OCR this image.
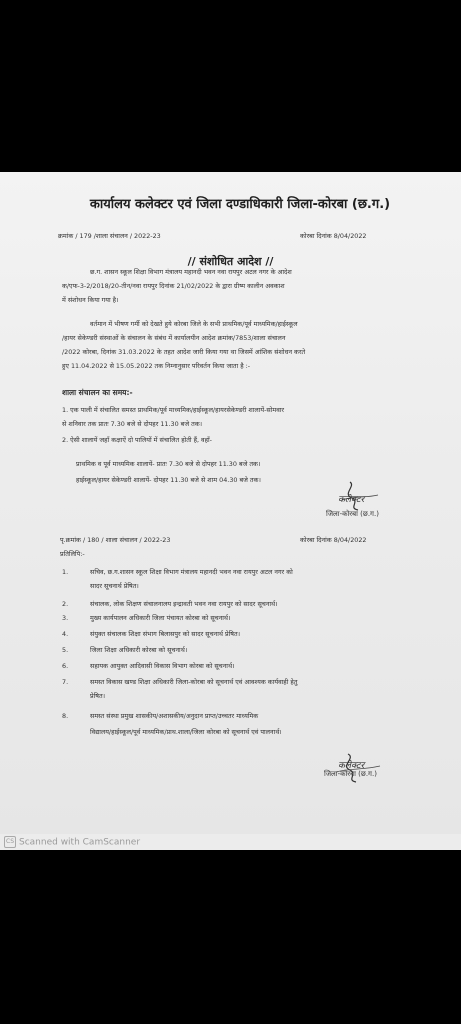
कार्यालय कलेक्टर एवं जिला दण्डाधिकारी जिला-कोरबा (छ.ग.)
क्रमांक / 179 /शाला संचालन / 2022-23	कोरबा दिनांक 8/04/2022
// संशोधित आदेश //
छ.ग. शासन स्कूल शिक्षा विभाग मंत्रालय महानदी भवन नवा रायपुर अटल नगर के आदेश
क/एफ-3-2/2018/20-तीन/नवा रायपुर दिनांक 21/02/2022 के द्वारा ग्रीष्म कालीन अवकाश
में संशोधन किया गया है।
वर्तमान में भीषण गर्मी को देखते हुये कोरबा जिले के सभी प्राथमिक/पूर्व माध्यमिक/हाईस्कूल
/हायर सेकेण्डरी संस्थाओं के संचालन के संबंध में कार्यालयीन आदेश क्रमांक/7853/शाला संचालन
/2022 कोरबा, दिनांक 31.03.2022 के तहत आदेश जारी किया गया था जिसमें आंशिक संशोधन करते
हुए 11.04.2022 से 15.05.2022 तक निम्नानुसार परिवर्तन किया जाता है :-
शाला संचालन का समय:-
1. एक पाली में संचालित समस्त प्राथमिक/पूर्व माध्यमिक/हाईस्कूल/हायरसेकेण्डरी शालायें-सोमवार
से शनिवार तक प्रातः 7.30 बजे से दोपहर 11.30 बजे तक।
2. ऐसी शालायें जहाँ कक्षाऐं दो पालियों में संचालित होती हैं, वहाँ-
प्राथमिक व पूर्व माध्यमिक शालायें- प्रातः 7.30 बजे से दोपहर 11.30 बजे तक।
हाईस्कूल/हायर सेकेण्डरी शालायें- दोपहर 11.30 बजे से शाम 04.30 बजे तक।
कलेक्टर
जिला-कोरबा (छ.ग.)
पृ.क्रमांक / 180 / शाला संचालन / 2022-23	कोरबा दिनांक 8/04/2022
प्रतिलिपि:-
1.	सचिव, छ.ग.शासन स्कूल शिक्षा विभाग मंत्रालय महानदी भवन नवा रायपुर अटल नगर को
सादर सूचनार्थ प्रेषित।
2.	संचालक, लोक शिक्षण संचालनालय इन्द्रावती भवन नवा रायपुर को सादर सूचनार्थ।
3.	मुख्य कार्यपालन अधिकारी जिला पंचायत कोरबा को सूचनार्थ।
4.	संयुक्त संचालक शिक्षा संभाग बिलासपुर को सादर सूचनार्थ प्रेषित।
5.	जिला शिक्षा अधिकारी कोरबा को सूचनार्थ।
6.	सहायक आयुक्त आदिवासी विकास विभाग कोरबा को सूचनार्थ।
7.	समस्त विकास खण्ड शिक्षा अधिकारी जिला-कोरबा को सूचनार्थ एवं आवश्यक कार्यवाही हेतु
प्रेषित।
8.	समस्त संस्था प्रमुख शासकीय/अशासकीय/अनुदान प्राप्त/उच्चतर माध्यमिक
विद्यालय/हाईस्कूल/पूर्व माध्यमिक/प्राथ.शाला/जिला कोरबा को सूचनार्थ एवं पालनार्थ।
कलेक्टर
जिला-कोरबा (छ.ग.)
CS Scanned with CamScanner
